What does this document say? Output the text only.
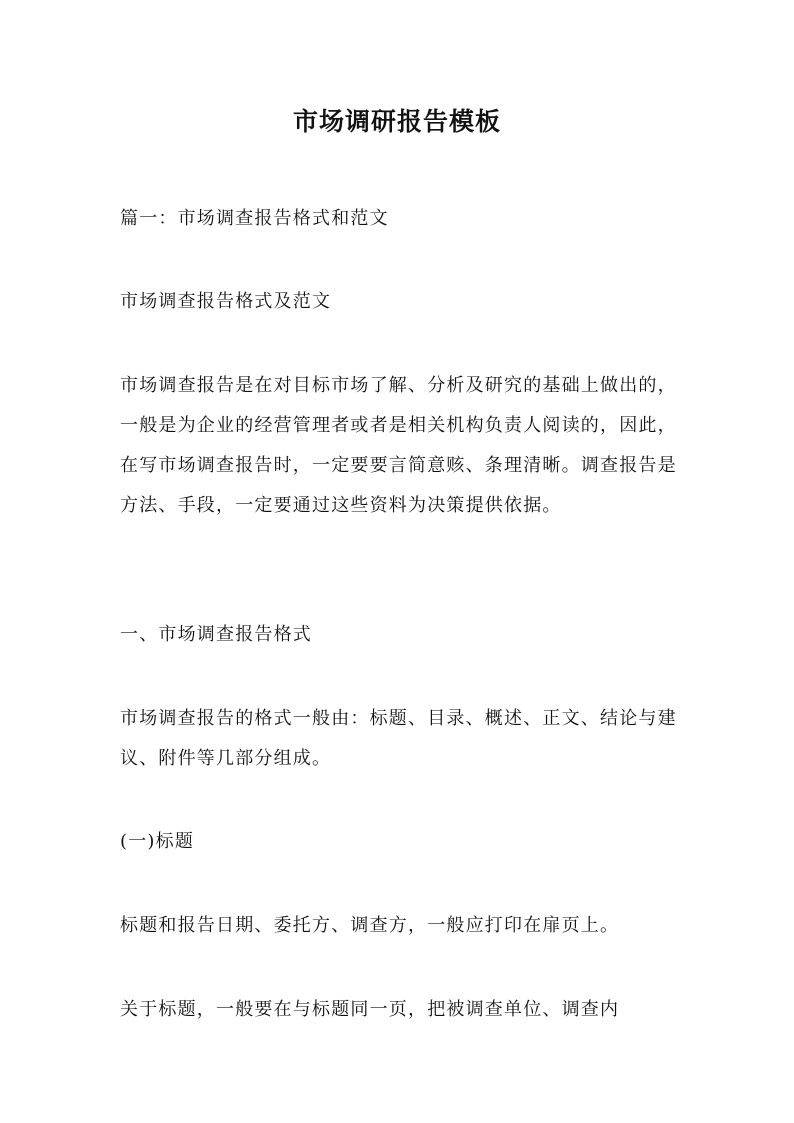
市场调研报告模板
篇一：市场调查报告格式和范文
市场调查报告格式及范文
市场调查报告是在对目标市场了解、分析及研究的基础上做出的，一般是为企业的经营管理者或者是相关机构负责人阅读的，因此，在写市场调查报告时，一定要要言简意赅、条理清晰。调查报告是方法、手段，一定要通过这些资料为决策提供依据。
一、市场调查报告格式
市场调查报告的格式一般由：标题、目录、概述、正文、结论与建议、附件等几部分组成。
(一)标题
标题和报告日期、委托方、调查方，一般应打印在扉页上。
关于标题，一般要在与标题同一页，把被调查单位、调查内
